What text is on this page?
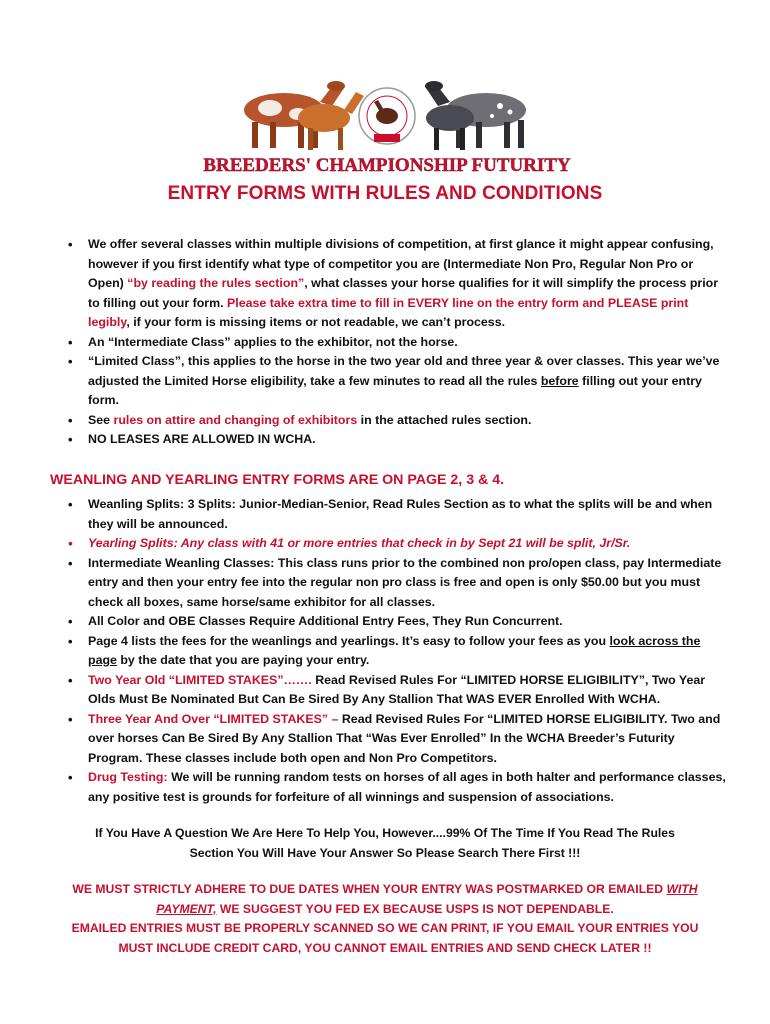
BREEDERS' CHAMPIONSHIP FUTURITY
ENTRY FORMS WITH RULES AND CONDITIONS
• We offer several classes within multiple divisions of competition, at first glance it might appear confusing, however if you first identify what type of competitor you are (Intermediate Non Pro, Regular Non Pro or Open) “by reading the rules section”, what classes your horse qualifies for it will simplify the process prior to filling out your form. Please take extra time to fill in EVERY line on the entry form and PLEASE print legibly, if your form is missing items or not readable, we can’t process.
• An “Intermediate Class” applies to the exhibitor, not the horse.
• “Limited Class”, this applies to the horse in the two year old and three year & over classes. This year we’ve adjusted the Limited Horse eligibility, take a few minutes to read all the rules before filling out your entry form.
• See rules on attire and changing of exhibitors in the attached rules section.
• NO LEASES ARE ALLOWED IN WCHA.
WEANLING AND YEARLING ENTRY FORMS ARE ON PAGE 2, 3 & 4.
• Weanling Splits: 3 Splits: Junior-Median-Senior, Read Rules Section as to what the splits will be and when they will be announced.
• Yearling Splits: Any class with 41 or more entries that check in by Sept 21 will be split, Jr/Sr.
• Intermediate Weanling Classes: This class runs prior to the combined non pro/open class, pay Intermediate entry and then your entry fee into the regular non pro class is free and open is only $50.00 but you must check all boxes, same horse/same exhibitor for all classes.
• All Color and OBE Classes Require Additional Entry Fees, They Run Concurrent.
• Page 4 lists the fees for the weanlings and yearlings. It’s easy to follow your fees as you look across the page by the date that you are paying your entry.
• Two Year Old “LIMITED STAKES”……. Read Revised Rules For “LIMITED HORSE ELIGIBILITY”, Two Year Olds Must Be Nominated But Can Be Sired By Any Stallion That WAS EVER Enrolled With WCHA.
• Three Year And Over “LIMITED STAKES” – Read Revised Rules For “LIMITED HORSE ELIGIBILITY. Two and over horses Can Be Sired By Any Stallion That “Was Ever Enrolled” In the WCHA Breeder’s Futurity Program. These classes include both open and Non Pro Competitors.
• Drug Testing: We will be running random tests on horses of all ages in both halter and performance classes, any positive test is grounds for forfeiture of all winnings and suspension of associations.
If You Have A Question We Are Here To Help You, However....99% Of The Time If You Read The Rules
Section You Will Have Your Answer So Please Search There First !!!
WE MUST STRICTLY ADHERE TO DUE DATES WHEN YOUR ENTRY WAS POSTMARKED OR EMAILED WITH
PAYMENT, WE SUGGEST YOU FED EX BECAUSE USPS IS NOT DEPENDABLE.
EMAILED ENTRIES MUST BE PROPERLY SCANNED SO WE CAN PRINT, IF YOU EMAIL YOUR ENTRIES YOU
MUST INCLUDE CREDIT CARD, YOU CANNOT EMAIL ENTRIES AND SEND CHECK LATER !!
